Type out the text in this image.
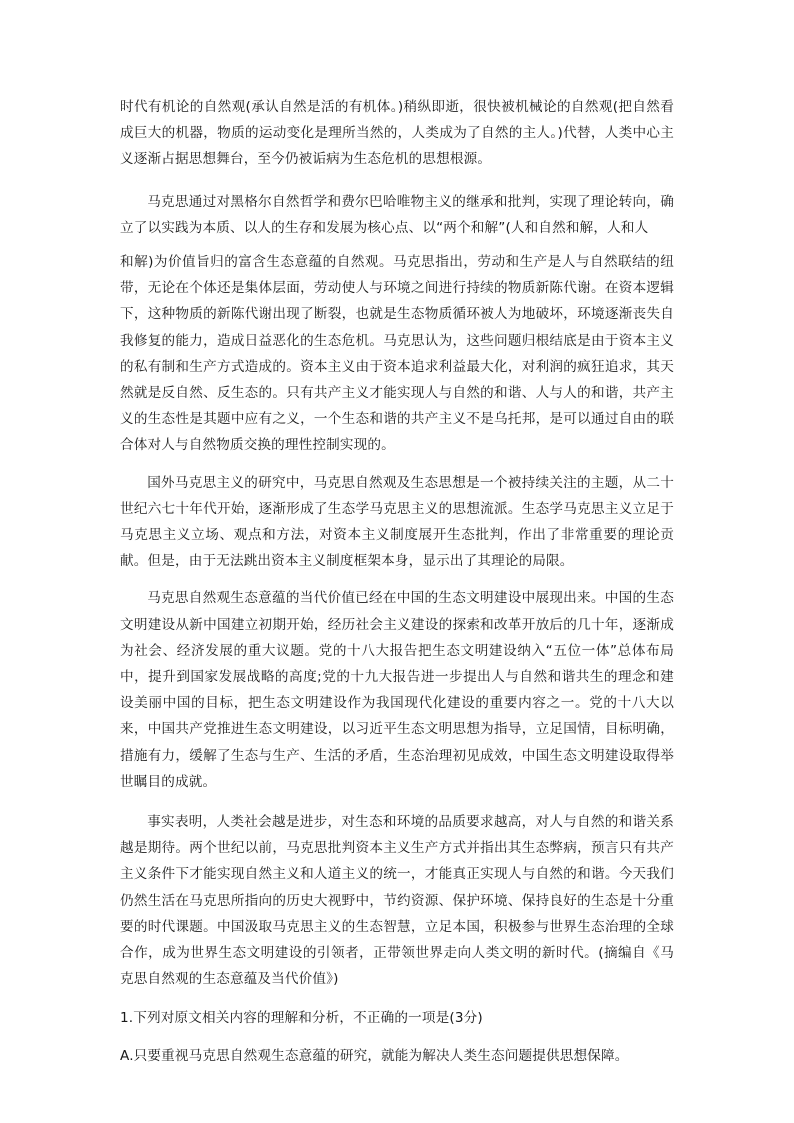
时代有机论的自然观(承认自然是活的有机体。)稍纵即逝，很快被机械论的自然观(把自然看成巨大的机器，物质的运动变化是理所当然的，人类成为了自然的主人。)代替，人类中心主义逐渐占据思想舞台，至今仍被诟病为生态危机的思想根源。

马克思通过对黑格尔自然哲学和费尔巴哈唯物主义的继承和批判，实现了理论转向，确立了以实践为本质、以人的生存和发展为核心点、以“两个和解”(人和自然和解，人和人

和解)为价值旨归的富含生态意蕴的自然观。马克思指出，劳动和生产是人与自然联结的纽带，无论在个体还是集体层面，劳动使人与环境之间进行持续的物质新陈代谢。在资本逻辑下，这种物质的新陈代谢出现了断裂，也就是生态物质循环被人为地破坏，环境逐渐丧失自我修复的能力，造成日益恶化的生态危机。马克思认为，这些问题归根结底是由于资本主义的私有制和生产方式造成的。资本主义由于资本追求利益最大化，对利润的疯狂追求，其天然就是反自然、反生态的。只有共产主义才能实现人与自然的和谐、人与人的和谐，共产主义的生态性是其题中应有之义，一个生态和谐的共产主义不是乌托邦，是可以通过自由的联合体对人与自然物质交换的理性控制实现的。

国外马克思主义的研究中，马克思自然观及生态思想是一个被持续关注的主题，从二十世纪六七十年代开始，逐渐形成了生态学马克思主义的思想流派。生态学马克思主义立足于马克思主义立场、观点和方法，对资本主义制度展开生态批判，作出了非常重要的理论贡献。但是，由于无法跳出资本主义制度框架本身，显示出了其理论的局限。

马克思自然观生态意蕴的当代价值已经在中国的生态文明建设中展现出来。中国的生态文明建设从新中国建立初期开始，经历社会主义建设的探索和改革开放后的几十年，逐渐成为社会、经济发展的重大议题。党的十八大报告把生态文明建设纳入“五位一体”总体布局中，提升到国家发展战略的高度;党的十九大报告进一步提出人与自然和谐共生的理念和建设美丽中国的目标，把生态文明建设作为我国现代化建设的重要内容之一。党的十八大以来，中国共产党推进生态文明建设，以习近平生态文明思想为指导，立足国情，目标明确，措施有力，缓解了生态与生产、生活的矛盾，生态治理初见成效，中国生态文明建设取得举世瞩目的成就。

事实表明，人类社会越是进步，对生态和环境的品质要求越高，对人与自然的和谐关系越是期待。两个世纪以前，马克思批判资本主义生产方式并指出其生态弊病，预言只有共产主义条件下才能实现自然主义和人道主义的统一，才能真正实现人与自然的和谐。今天我们仍然生活在马克思所指向的历史大视野中，节约资源、保护环境、保持良好的生态是十分重要的时代课题。中国汲取马克思主义的生态智慧，立足本国，积极参与世界生态治理的全球合作，成为世界生态文明建设的引领者，正带领世界走向人类文明的新时代。(摘编自《马克思自然观的生态意蕴及当代价值》)

1.下列对原文相关内容的理解和分析，不正确的一项是(3分)

A.只要重视马克思自然观生态意蕴的研究，就能为解决人类生态问题提供思想保障。
